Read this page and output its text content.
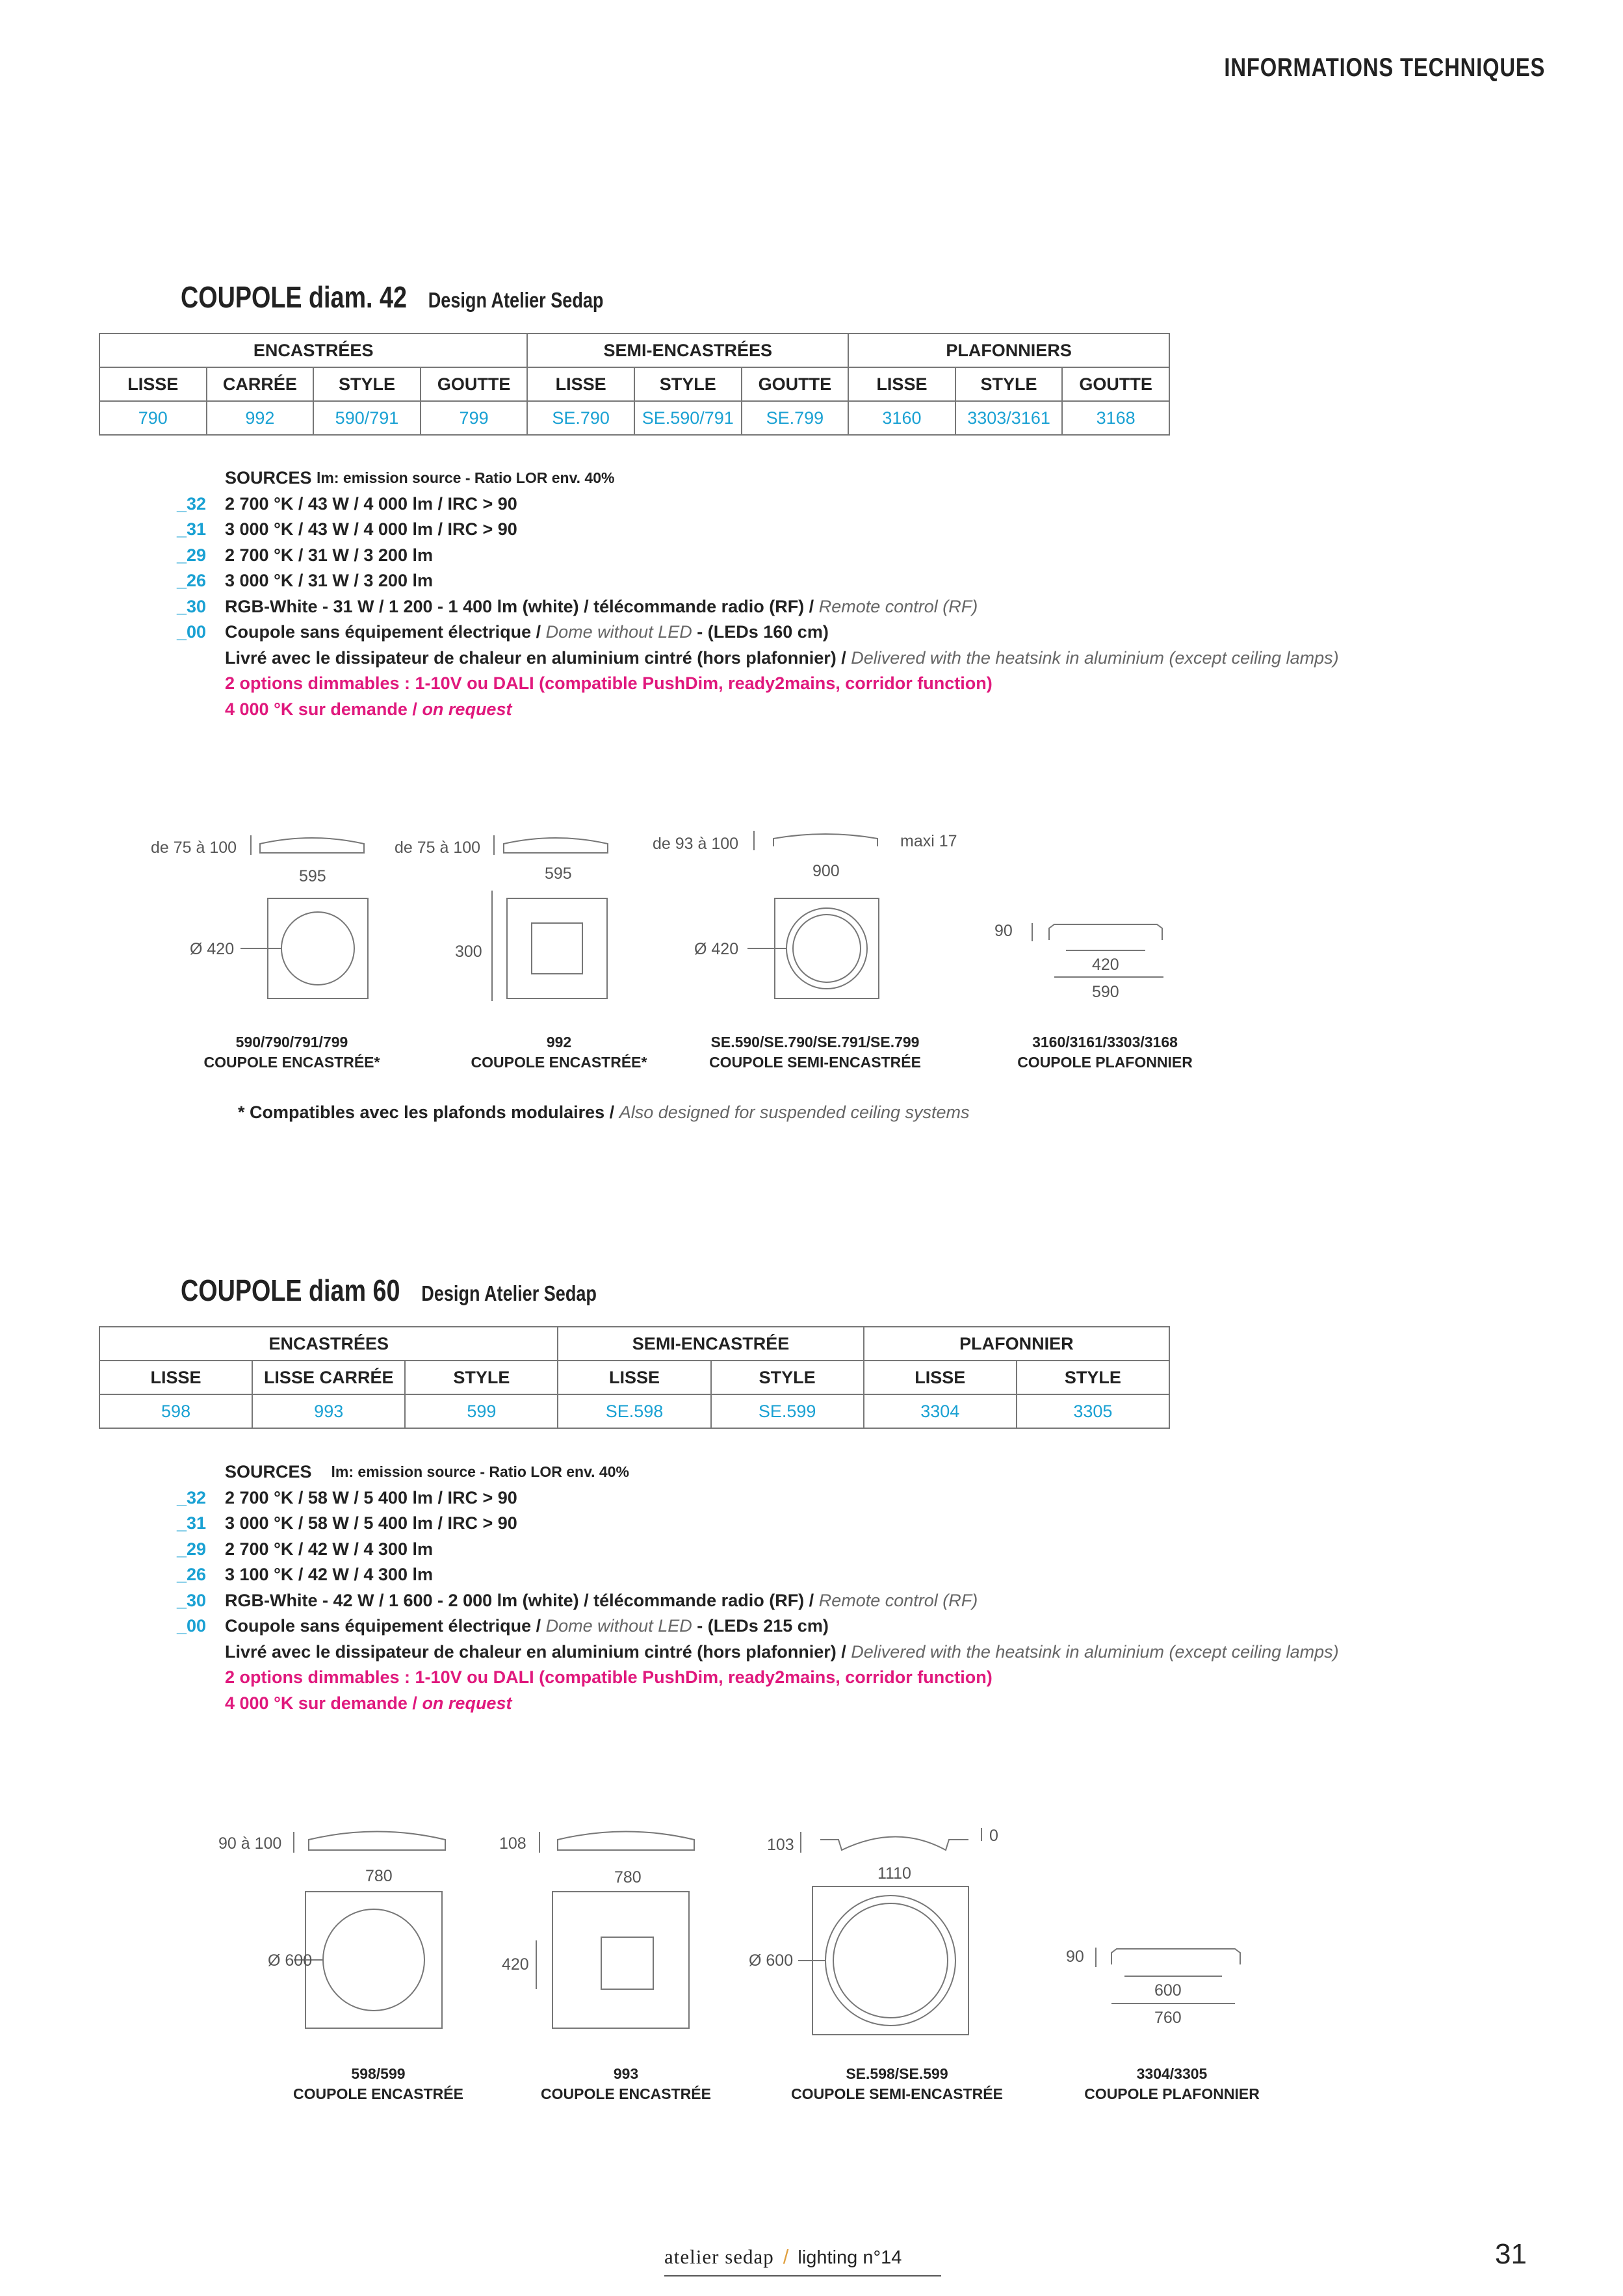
INFORMATIONS TECHNIQUES
COUPOLE diam. 42 Design Atelier Sedap
ENCASTRÉES				SEMI-ENCASTRÉES			PLAFONNIERS		
LISSE	CARRÉE	STYLE	GOUTTE	LISSE	STYLE	GOUTTE	LISSE	STYLE	GOUTTE
790	992	590/791	799	SE.790	SE.590/791	SE.799	3160	3303/3161	3168
SOURCES
lm: emission source - Ratio LOR env. 40%
_32	2 700 °K / 43 W / 4 000 lm / IRC > 90
_31	3 000 °K / 43 W / 4 000 lm / IRC > 90
_29	2 700 °K / 31 W / 3 200 lm
_26	3 000 °K / 31 W / 3 200 lm
_30	RGB-White - 31 W / 1 200 - 1 400 lm (white) / télécommande radio (RF) /
Remote control (RF)
_00	Coupole sans équipement électrique /
Dome without LED
- (LEDs 160 cm)
Livré avec le dissipateur de chaleur en aluminium cintré (hors plafonnier) /
Delivered with the heatsink in aluminium (except ceiling lamps)
2 options dimmables : 1-10V ou DALI (compatible PushDim, ready2mains, corridor function)
4 000 °K sur demande /
on request
de 75 à 100
595
Ø 420
de 75 à 100
595
300
de 93 à 100	maxi 17
900
Ø 420
90
420
590
590/790/791/799
COUPOLE ENCASTRÉE*
992
COUPOLE ENCASTRÉE*
SE.590/SE.790/SE.791/SE.799
COUPOLE SEMI-ENCASTRÉE
3160/3161/3303/3168
COUPOLE PLAFONNIER
* Compatibles avec les plafonds modulaires / Also designed for suspended ceiling systems
COUPOLE diam 60 Design Atelier Sedap
ENCASTRÉES			SEMI-ENCASTRÉE		PLAFONNIER	
LISSE	LISSE CARRÉE	STYLE	LISSE	STYLE	LISSE	STYLE
598	993	599	SE.598	SE.599	3304	3305
SOURCES
lm: emission source - Ratio LOR env. 40%
_32	2 700 °K / 58 W / 5 400 lm / IRC > 90
_31	3 000 °K / 58 W / 5 400 lm / IRC > 90
_29	2 700 °K / 42 W / 4 300 lm
_26	3 100 °K / 42 W / 4 300 lm
_30	RGB-White - 42 W / 1 600 - 2 000 lm (white) / télécommande radio (RF) /
Remote control (RF)
_00	Coupole sans équipement électrique /
Dome without LED
- (LEDs 215 cm)
Livré avec le dissipateur de chaleur en aluminium cintré (hors plafonnier) /
Delivered with the heatsink in aluminium (except ceiling lamps)
2 options dimmables : 1-10V ou DALI (compatible PushDim, ready2mains, corridor function)
4 000 °K sur demande /
on request
90 à 100
780
Ø 600
108
780
420
103	0
1110
Ø 600	90
600
760
598/599
COUPOLE ENCASTRÉE
993
COUPOLE ENCASTRÉE
SE.598/SE.599
COUPOLE SEMI-ENCASTRÉE
3304/3305
COUPOLE PLAFONNIER
atelier sedap / lighting n°14	31
